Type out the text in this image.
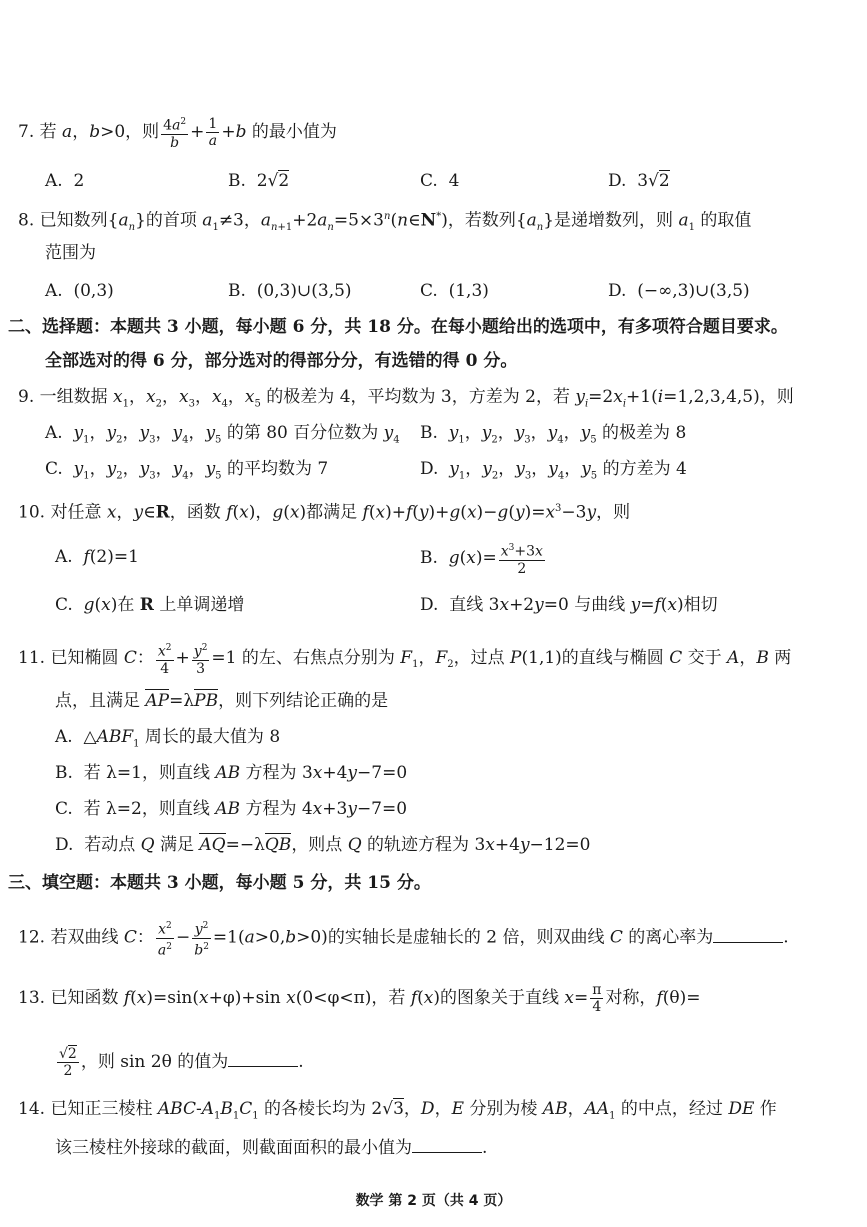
7. 若 a，b>0，则 $\frac{4a^2}{b} + \frac{1}{a} +b$ 的最小值为
A.  2	B.  2√2	C.  4	D.  3√2
8. 已知数列$\{a_n\}$的首项 $a_1\ne 3$，$a_{n+1}+2a_n=5\times 3^n(n\in N^*)$，若数列$\{a_n\}$是递增数列，则 $a_1$ 的取值
范围为
A.  (0,3)	B.  (0,3)∪(3,5)	C.  (1,3)	D.  (−∞,3)∪(3,5)
二、选择题：本题共 3 小题，每小题 6 分，共 18 分。在每小题给出的选项中，有多项符合题目要求。
全部选对的得 6 分，部分选对的得部分分，有选错的得 0 分。
9. 一组数据 $x_1$，$x_2$，$x_3$，$x_4$，$x_5$ 的极差为 4，平均数为 3，方差为 2，若 $y_i=2x_i+1(i=1,2,3,4,5)$，则
A.  $y_1$，$y_2$，$y_3$，$y_4$，$y_5$ 的第 80 百分位数为 $y_4$ B.  $y_1$，$y_2$，$y_3$，$y_4$，$y_5$ 的极差为 8
C.  $y_1$，$y_2$，$y_3$，$y_4$，$y_5$ 的平均数为 7	D.  $y_1$，$y_2$，$y_3$，$y_4$，$y_5$ 的方差为 4
10. 对任意 x，y∈R，函数 f(x)，g(x)都满足 $f(x)+f(y)+g(x)-g(y)=x^3-3y$，则
A.  f(2)=1	B.  $g(x)= \frac{x^3+3x}{2}$
C.  g(x)在 R 上单调递增	D.  直线 3x+2y=0 与曲线 y=f(x)相切
11. 已知椭圆 C： $\frac{x^2}{4} + \frac{y^2}{3} =1$ 的左、右焦点分别为 $F_1$，$F_2$，过点 P(1,1)的直线与椭圆 C 交于 A，B 两
点，且满足 AP=λPB，则下列结论正确的是
A.  $\triangle ABF_1$ 周长的最大值为 8
B.  若 λ=1，则直线 AB 方程为 3x+4y−7=0
C.  若 λ=2，则直线 AB 方程为 4x+3y−7=0
D.  若动点 Q 满足 AQ=−λQB，则点 Q 的轨迹方程为 3x+4y−12=0
三、填空题：本题共 3 小题，每小题 5 分，共 15 分。
12. 若双曲线 C： $\frac{x^2}{a^2} - \frac{y^2}{b^2} =1(a>0,b>0)$的实轴长是虚轴长的 2 倍，则双曲线 C 的离心率为	.
13. 已知函数 f(x)=sin(x+φ)+sin x(0<φ<π)，若 f(x)的图象关于直线 $x= \frac{\pi}{4}$ 对称，f(θ)=
$\frac{√2}{2}$ ，则 sin 2θ 的值为	.
14. 已知正三棱柱 ABC-$A_1B_1C_1$ 的各棱长均为 2√3，D，E 分别为棱 AB，$AA_1$ 的中点，经过 DE 作
该三棱柱外接球的截面，则截面面积的最小值为	.
数学 第 2 页（共 4 页）
